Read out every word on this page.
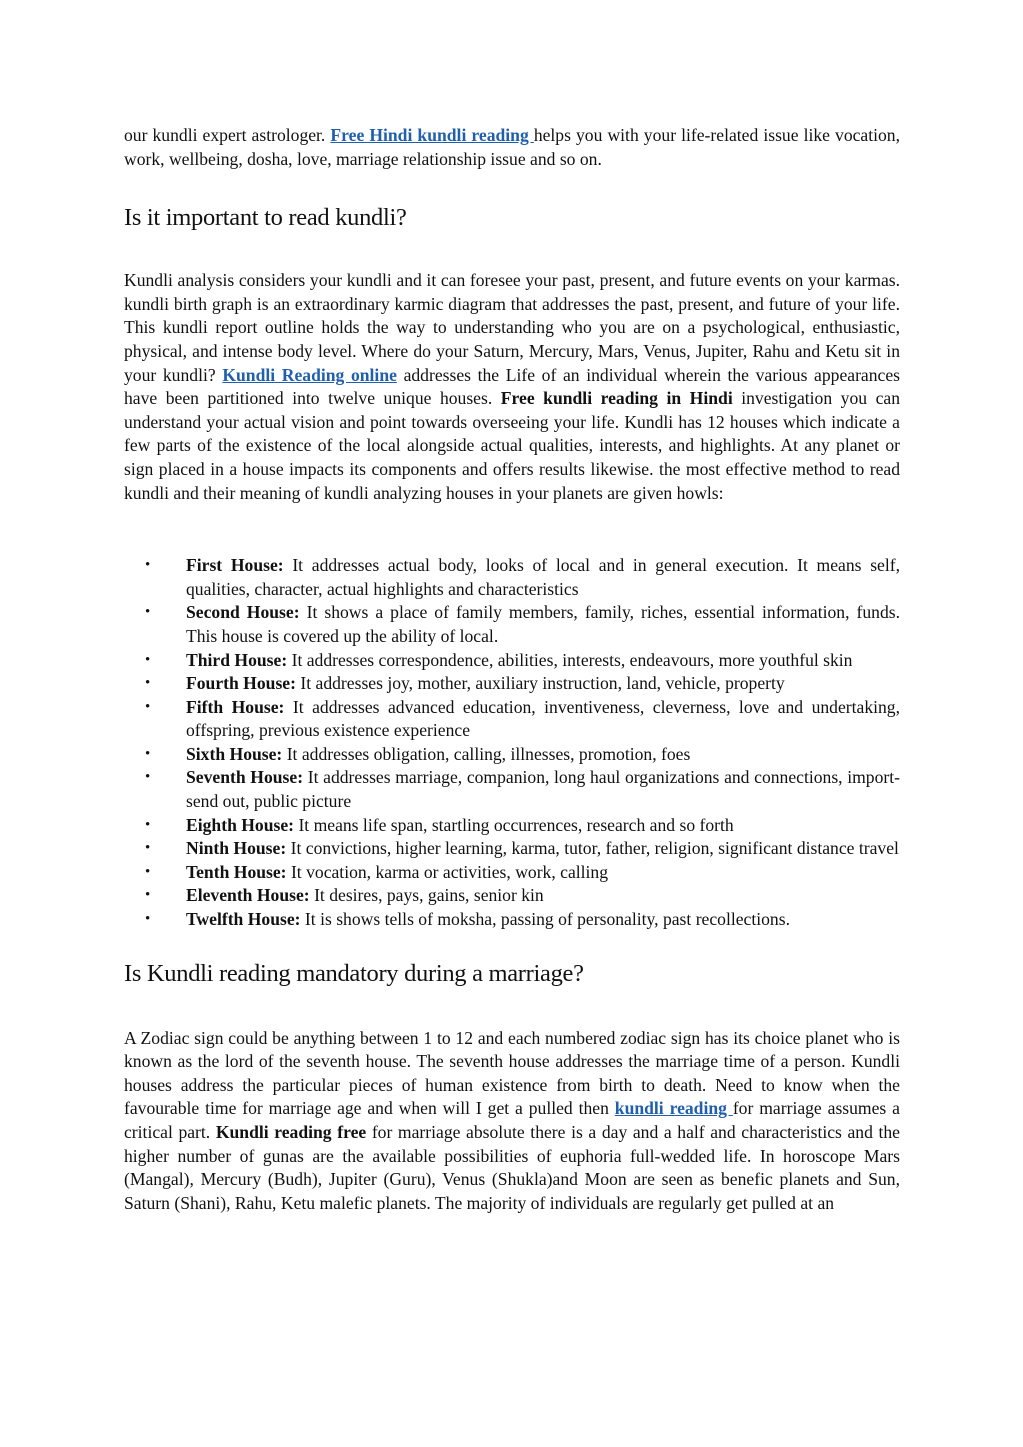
our kundli expert astrologer. Free Hindi kundli reading helps you with your life-related issue like vocation, work, wellbeing, dosha, love, marriage relationship issue and so on.

Is it important to read kundli?

Kundli analysis considers your kundli and it can foresee your past, present, and future events on your karmas. kundli birth graph is an extraordinary karmic diagram that addresses the past, present, and future of your life. This kundli report outline holds the way to understanding who you are on a psychological, enthusiastic, physical, and intense body level. Where do your Saturn, Mercury, Mars, Venus, Jupiter, Rahu and Ketu sit in your kundli? Kundli Reading online addresses the Life of an individual wherein the various appearances have been partitioned into twelve unique houses. Free kundli reading in Hindi investigation you can understand your actual vision and point towards overseeing your life. Kundli has 12 houses which indicate a few parts of the existence of the local alongside actual qualities, interests, and highlights. At any planet or sign placed in a house impacts its components and offers results likewise. the most effective method to read kundli and their meaning of kundli analyzing houses in your planets are given howls:

• First House: It addresses actual body, looks of local and in general execution. It means self, qualities, character, actual highlights and characteristics
• Second House: It shows a place of family members, family, riches, essential information, funds. This house is covered up the ability of local.
• Third House: It addresses correspondence, abilities, interests, endeavours, more youthful skin
• Fourth House: It addresses joy, mother, auxiliary instruction, land, vehicle, property
• Fifth House: It addresses advanced education, inventiveness, cleverness, love and undertaking, offspring, previous existence experience
• Sixth House: It addresses obligation, calling, illnesses, promotion, foes
• Seventh House: It addresses marriage, companion, long haul organizations and connections, import-send out, public picture
• Eighth House: It means life span, startling occurrences, research and so forth
• Ninth House: It convictions, higher learning, karma, tutor, father, religion, significant distance travel
• Tenth House: It vocation, karma or activities, work, calling
• Eleventh House: It desires, pays, gains, senior kin
• Twelfth House: It is shows tells of moksha, passing of personality, past recollections.
Is Kundli reading mandatory during a marriage?

A Zodiac sign could be anything between 1 to 12 and each numbered zodiac sign has its choice planet who is known as the lord of the seventh house. The seventh house addresses the marriage time of a person. Kundli houses address the particular pieces of human existence from birth to death. Need to know when the favourable time for marriage age and when will I get a pulled then kundli reading for marriage assumes a critical part. Kundli reading free for marriage absolute there is a day and a half and characteristics and the higher number of gunas are the available possibilities of euphoria full-wedded life. In horoscope Mars (Mangal), Mercury (Budh), Jupiter (Guru), Venus (Shukla)and Moon are seen as benefic planets and Sun, Saturn (Shani), Rahu, Ketu malefic planets. The majority of individuals are regularly get pulled at an
